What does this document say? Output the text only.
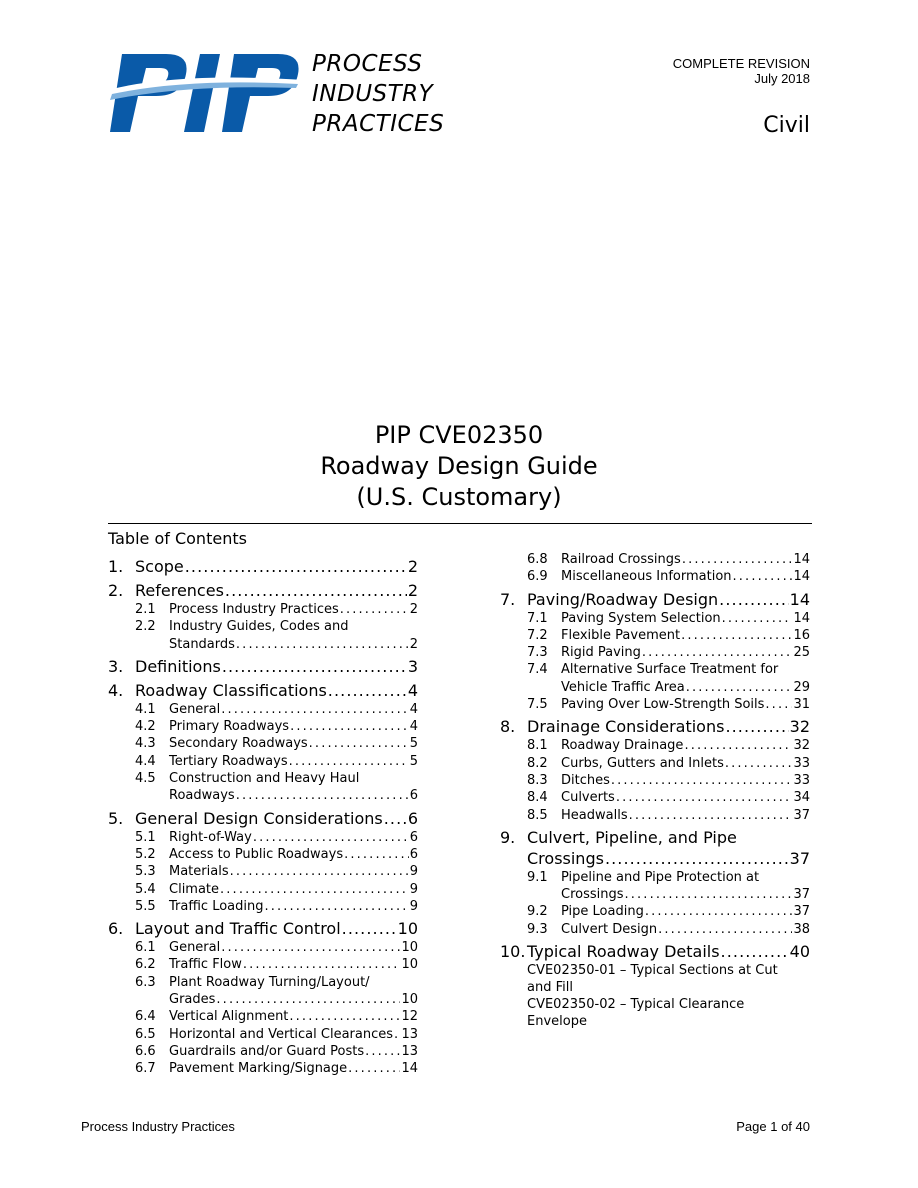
PROCESS
INDUSTRY
PRACTICES
COMPLETE REVISION
July 2018
Civil
PIP CVE02350
Roadway Design Guide
(U.S. Customary)
Table of Contents
1. Scope . . .	2
2. References . . .	2
2.1	Process Industry Practices . . .	2
2.2	Industry Guides, Codes and
Standards . . .	2
3. Definitions . . .	3
4. Roadway Classifications . . .	4
4.1	General . . .	4
4.2	Primary Roadways . . .	4
4.3	Secondary Roadways . . .	5
4.4	Tertiary Roadways . . .	5
4.5	Construction and Heavy Haul
Roadways . . .	6
5. General Design Considerations . . . 6
5.1	Right-of-Way . . .	6
5.2	Access to Public Roadways . . .	6
5.3	Materials . . .	9
5.4	Climate . . .	9
5.5	Traffic Loading . . .	9
6. Layout and Traffic Control . . .	10
6.1	General . . .	10
6.2	Traffic Flow . . .	10
6.3	Plant Roadway Turning/Layout/
Grades . . .	10
6.4	Vertical Alignment . . .	12
6.5	Horizontal and Vertical Clearances . . . 13
6.6	Guardrails and/or Guard Posts . . .	13
6.7	Pavement Marking/Signage . . .	14
6.8	Railroad Crossings . . .	14
6.9	Miscellaneous Information . . .	14
7. Paving/Roadway Design . . .	14
7.1	Paving System Selection . . .	14
7.2	Flexible Pavement . . .	16
7.3	Rigid Paving . . .	25
7.4	Alternative Surface Treatment for
Vehicle Traffic Area . . .	29
7.5	Paving Over Low-Strength Soils . . . 31
8. Drainage Considerations . . .	32
8.1	Roadway Drainage . . .	32
8.2	Curbs, Gutters and Inlets . . .	33
8.3	Ditches . . .	33
8.4	Culverts . . .	34
8.5	Headwalls . . .	37
9. Culvert, Pipeline, and Pipe
Crossings . . .	37
9.1	Pipeline and Pipe Protection at
Crossings . . .	37
9.2	Pipe Loading . . .	37
9.3	Culvert Design . . .	38
10. Typical Roadway Details . . .	40
CVE02350-01 – Typical Sections at Cut
and Fill
CVE02350-02 – Typical Clearance
Envelope
Process Industry Practices	Page 1 of 40
